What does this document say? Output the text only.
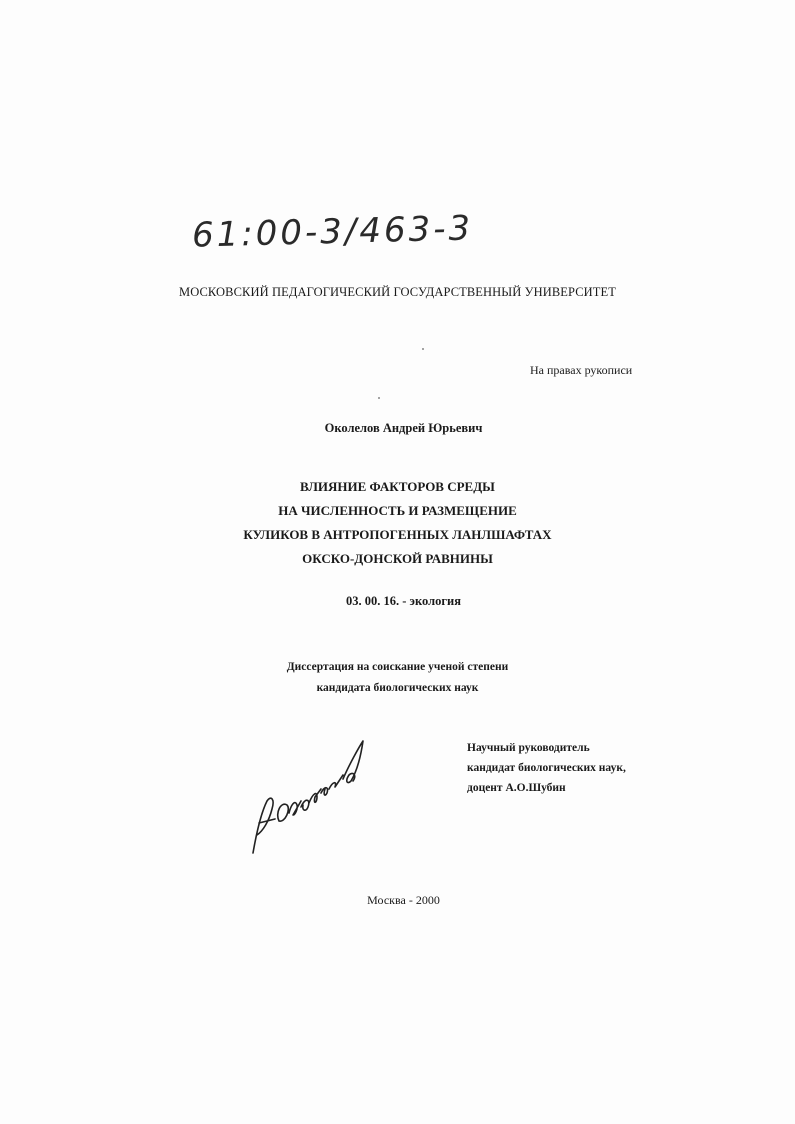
61:00-3/463-3
МОСКОВСКИЙ ПЕДАГОГИЧЕСКИЙ ГОСУДАРСТВЕННЫЙ УНИВЕРСИТЕТ
На правах рукописи
Околелов Андрей Юрьевич
ВЛИЯНИЕ ФАКТОРОВ СРЕДЫ
НА ЧИСЛЕННОСТЬ И РАЗМЕЩЕНИЕ
КУЛИКОВ В АНТРОПОГЕННЫХ ЛАНЛШАФТАХ
ОКСКО-ДОНСКОЙ РАВНИНЫ
03. 00. 16. - экология
Диссертация на соискание ученой степени
кандидата биологических наук
Научный руководитель
кандидат биологических наук,
доцент А.О.Шубин
Москва - 2000
